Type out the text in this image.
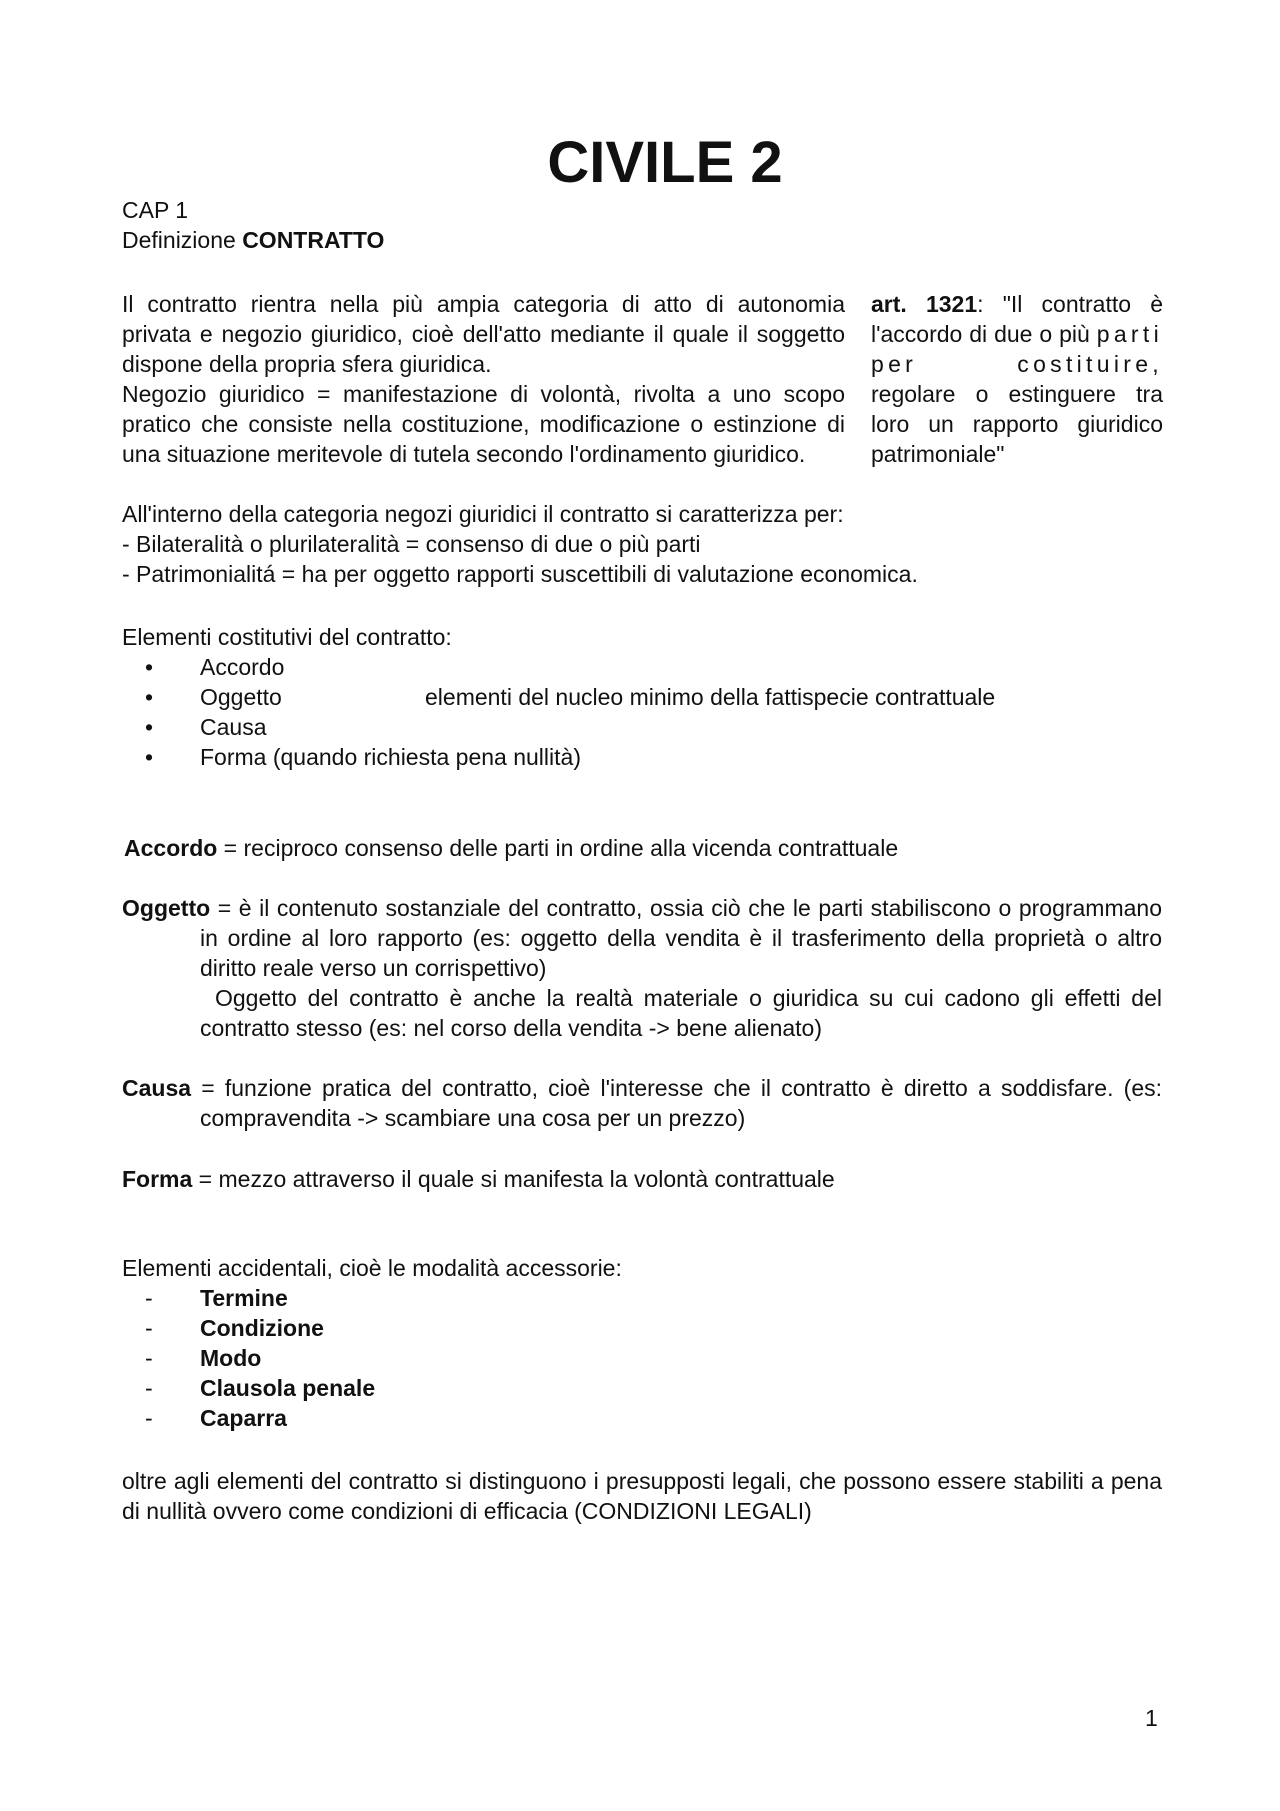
CIVILE 2
CAP 1
Definizione CONTRATTO

Il contratto rientra nella più ampia categoria di atto di autonomia privata e negozio giuridico, cioè dell'atto mediante il quale il soggetto dispone della propria sfera giuridica.

Negozio giuridico = manifestazione di volontà, rivolta a uno scopo pratico che consiste nella costituzione, modificazione o estinzione di una situazione meritevole di tutela secondo l'ordinamento giuridico.

art. 1321: "Il contratto è l'accordo di due o più parti per costituire, regolare o estinguere tra loro un rapporto giuridico patrimoniale"

All'interno della categoria negozi giuridici il contratto si caratterizza per:

- Bilateralità o plurilateralità = consenso di due o più parti

- Patrimonialitá = ha per oggetto rapporti suscettibili di valutazione economica.

Elementi costitutivi del contratto:

• Accordo
• Oggetto	elementi del nucleo minimo della fattispecie contrattuale
• Causa
• Forma (quando richiesta pena nullità)

Accordo = reciproco consenso delle parti in ordine alla vicenda contrattuale

Oggetto = è il contenuto sostanziale del contratto, ossia ciò che le parti stabiliscono o programmano in ordine al loro rapporto (es: oggetto della vendita è il trasferimento della proprietà o altro diritto reale verso un corrispettivo)

Oggetto del contratto è anche la realtà materiale o giuridica su cui cadono gli effetti del contratto stesso (es: nel corso della vendita -> bene alienato)

Causa = funzione pratica del contratto, cioè l'interesse che il contratto è diretto a soddisfare. (es: compravendita -> scambiare una cosa per un prezzo)

Forma = mezzo attraverso il quale si manifesta la volontà contrattuale

Elementi accidentali, cioè le modalità accessorie:

- Termine
- Condizione
- Modo
- Clausola penale
- Caparra

oltre agli elementi del contratto si distinguono i presupposti legali, che possono essere stabiliti a pena di nullità ovvero come condizioni di efficacia (CONDIZIONI LEGALI)

1
